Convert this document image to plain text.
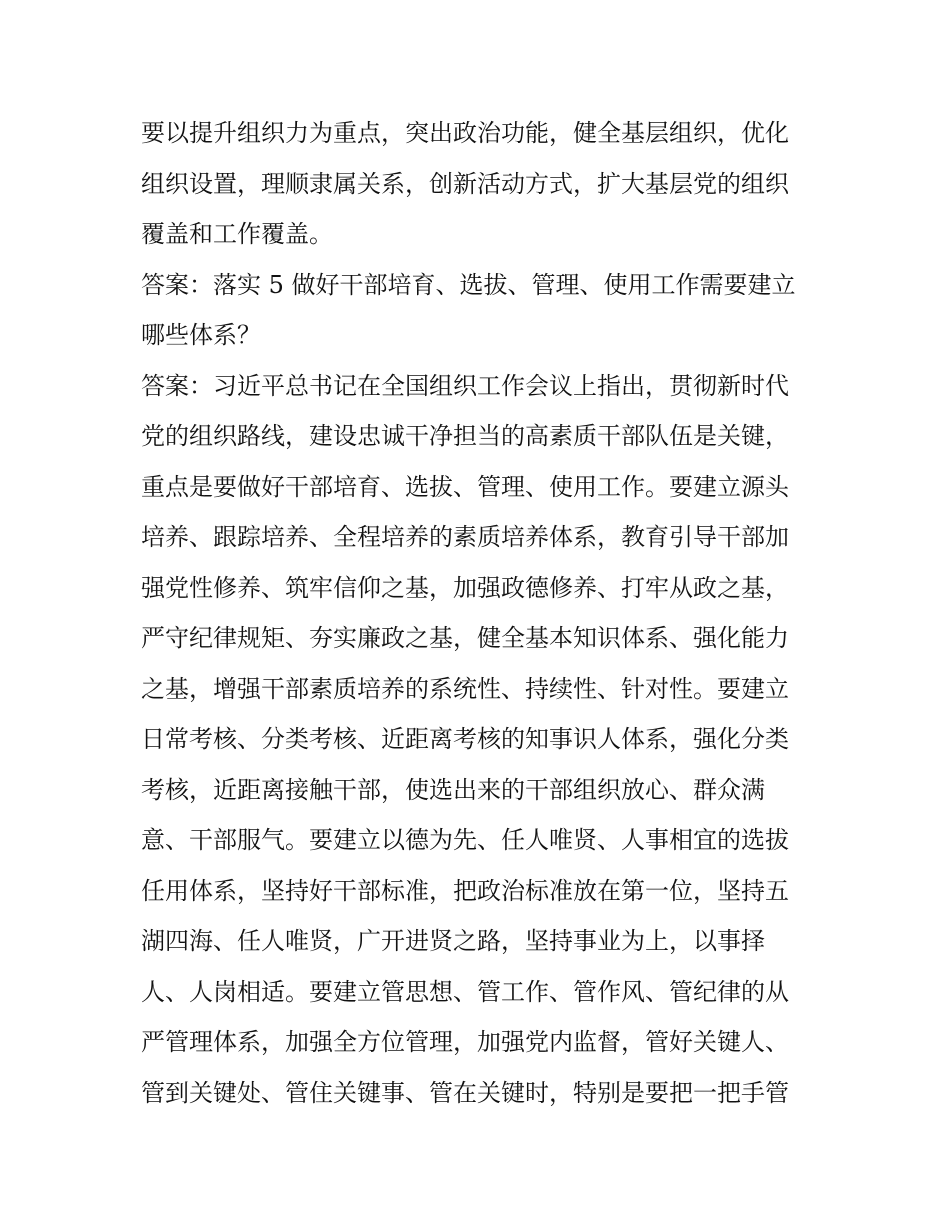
要以提升组织力为重点，突出政治功能，健全基层组织，优化
组织设置，理顺隶属关系，创新活动方式，扩大基层党的组织
覆盖和工作覆盖。
答案：落实 5 做好干部培育、选拔、管理、使用工作需要建立
哪些体系？
答案：习近平总书记在全国组织工作会议上指出，贯彻新时代
党的组织路线，建设忠诚干净担当的高素质干部队伍是关键，
重点是要做好干部培育、选拔、管理、使用工作。要建立源头
培养、跟踪培养、全程培养的素质培养体系，教育引导干部加
强党性修养、筑牢信仰之基，加强政德修养、打牢从政之基，
严守纪律规矩、夯实廉政之基，健全基本知识体系、强化能力
之基，增强干部素质培养的系统性、持续性、针对性。要建立
日常考核、分类考核、近距离考核的知事识人体系，强化分类
考核，近距离接触干部，使选出来的干部组织放心、群众满
意、干部服气。要建立以德为先、任人唯贤、人事相宜的选拔
任用体系，坚持好干部标准，把政治标准放在第一位，坚持五
湖四海、任人唯贤，广开进贤之路，坚持事业为上，以事择
人、人岗相适。要建立管思想、管工作、管作风、管纪律的从
严管理体系，加强全方位管理，加强党内监督，管好关键人、
管到关键处、管住关键事、管在关键时，特别是要把一把手管
